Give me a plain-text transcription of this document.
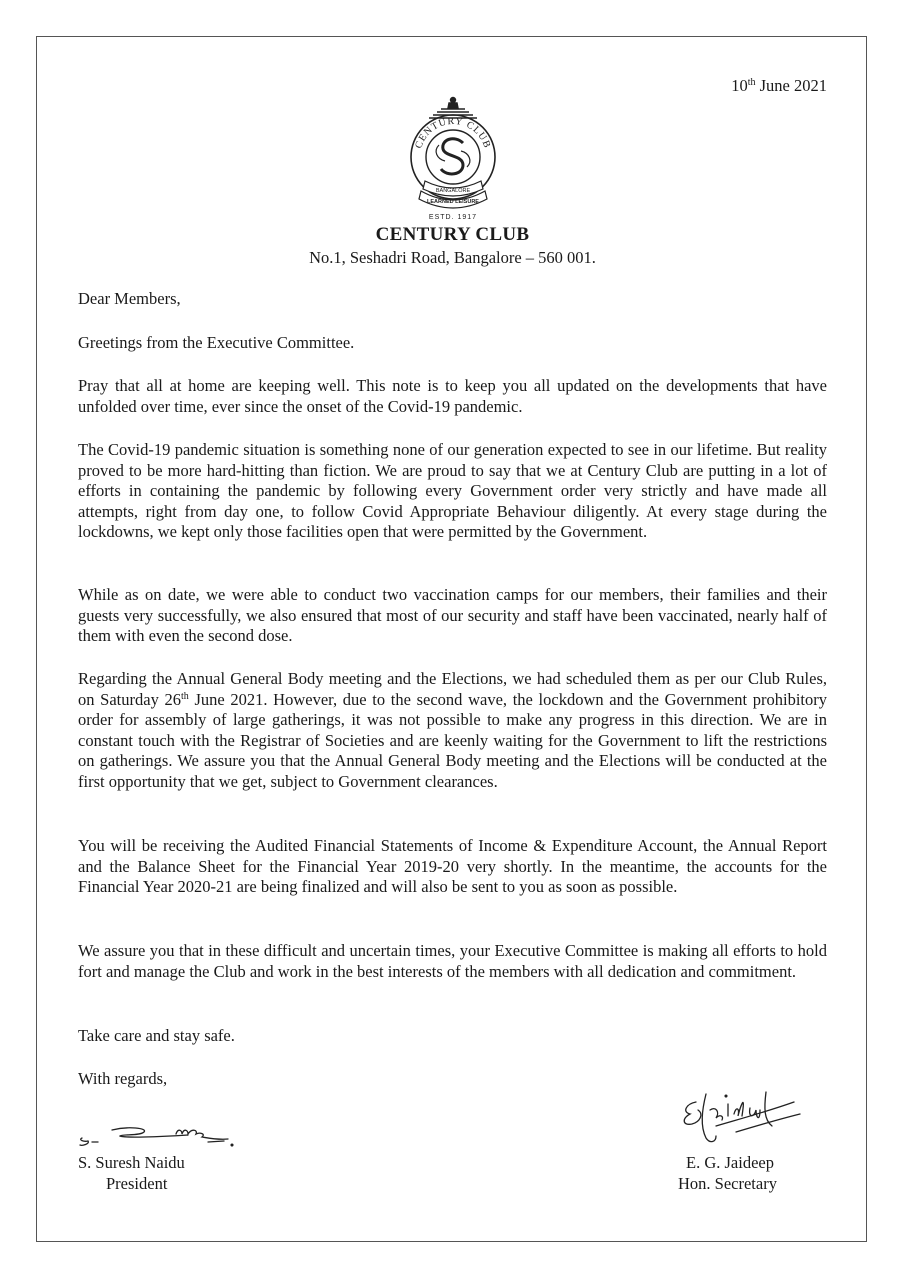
10th June 2021
CENTURY CLUB
BANGALORE
LEARNED LEISURE
ESTD. 1917
CENTURY CLUB
No.1, Seshadri Road, Bangalore – 560 001.

Dear Members,

Greetings from the Executive Committee.

Pray that all at home are keeping well. This note is to keep you all updated on the developments that have unfolded over time, ever since the onset of the Covid-19 pandemic.

The Covid-19 pandemic situation is something none of our generation expected to see in our lifetime. But reality proved to be more hard-hitting than fiction. We are proud to say that we at Century Club are putting in a lot of efforts in containing the pandemic by following every Government order very strictly and have made all attempts, right from day one, to follow Covid Appropriate Behaviour diligently. At every stage during the lockdowns, we kept only those facilities open that were permitted by the Government.

While as on date, we were able to conduct two vaccination camps for our members, their families and their guests very successfully, we also ensured that most of our security and staff have been vaccinated, nearly half of them with even the second dose.

Regarding the Annual General Body meeting and the Elections, we had scheduled them as per our Club Rules, on Saturday 26th June 2021. However, due to the second wave, the lockdown and the Government prohibitory order for assembly of large gatherings, it was not possible to make any progress in this direction. We are in constant touch with the Registrar of Societies and are keenly waiting for the Government to lift the restrictions on gatherings. We assure you that the Annual General Body meeting and the Elections will be conducted at the first opportunity that we get, subject to Government clearances.

You will be receiving the Audited Financial Statements of Income & Expenditure Account, the Annual Report and the Balance Sheet for the Financial Year 2019-20 very shortly. In the meantime, the accounts for the Financial Year 2020-21 are being finalized and will also be sent to you as soon as possible.

We assure you that in these difficult and uncertain times, your Executive Committee is making all efforts to hold fort and manage the Club and work in the best interests of the members with all dedication and commitment.

Take care and stay safe.

With regards,

S. Suresh Naidu
President
E. G. Jaideep
Hon. Secretary
